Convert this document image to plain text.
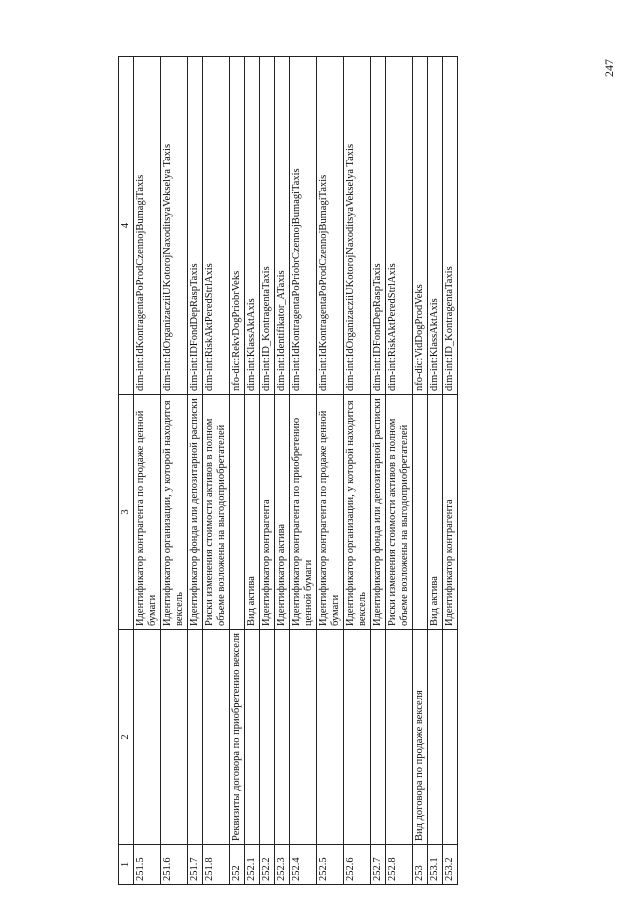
247
1	2	3	4
251.5		Идентификатор контрагента по продаже ценной бумаги	dim-int:IdKontragentaPoProdCzennojBumagiTaxis
251.6		Идентификатор организации, у которой находится вексель	dim-int:IdOrganizacziiUKotorojNaxoditsyaVekselya Taxis
251.7		Идентификатор фонда или депозитарной расписки	dim-int:IDFondDepRaspTaxis
251.8		Риски изменения стоимости активов в полном объеме возложены на выгодоприобретателей	dim-int:RiskAktPeredStrlAxis
252	Реквизиты договора по приобретению векселя		nfo-dic:RekvDogPriobrVeks
252.1		Вид актива	dim-int:KlassAktAxis
252.2		Идентификатор контрагента	dim-int:ID_KontragentaTaxis
252.3		Идентификатор актива	dim-int:Identifikator_ATaxis
252.4		Идентификатор контрагента по приобретению ценной бумаги	dim-int:IdKontragentaPoPriobrCzennojBumagiTaxis
252.5		Идентификатор контрагента по продаже ценной бумаги	dim-int:IdKontragentaPoProdCzennojBumagiTaxis
252.6		Идентификатор организации, у которой находится вексель	dim-int:IdOrganizacziiUKotorojNaxoditsyaVekselya Taxis
252.7		Идентификатор фонда или депозитарной расписки	dim-int:IDFondDepRaspTaxis
252.8		Риски изменения стоимости активов в полном объеме возложены на выгодоприобретателей	dim-int:RiskAktPeredStrlAxis
253	Вид договора по продаже векселя		nfo-dic:VidDogProdVeks
253.1		Вид актива	dim-int:KlassAktAxis
253.2		Идентификатор контрагента	dim-int:ID_KontragentaTaxis
